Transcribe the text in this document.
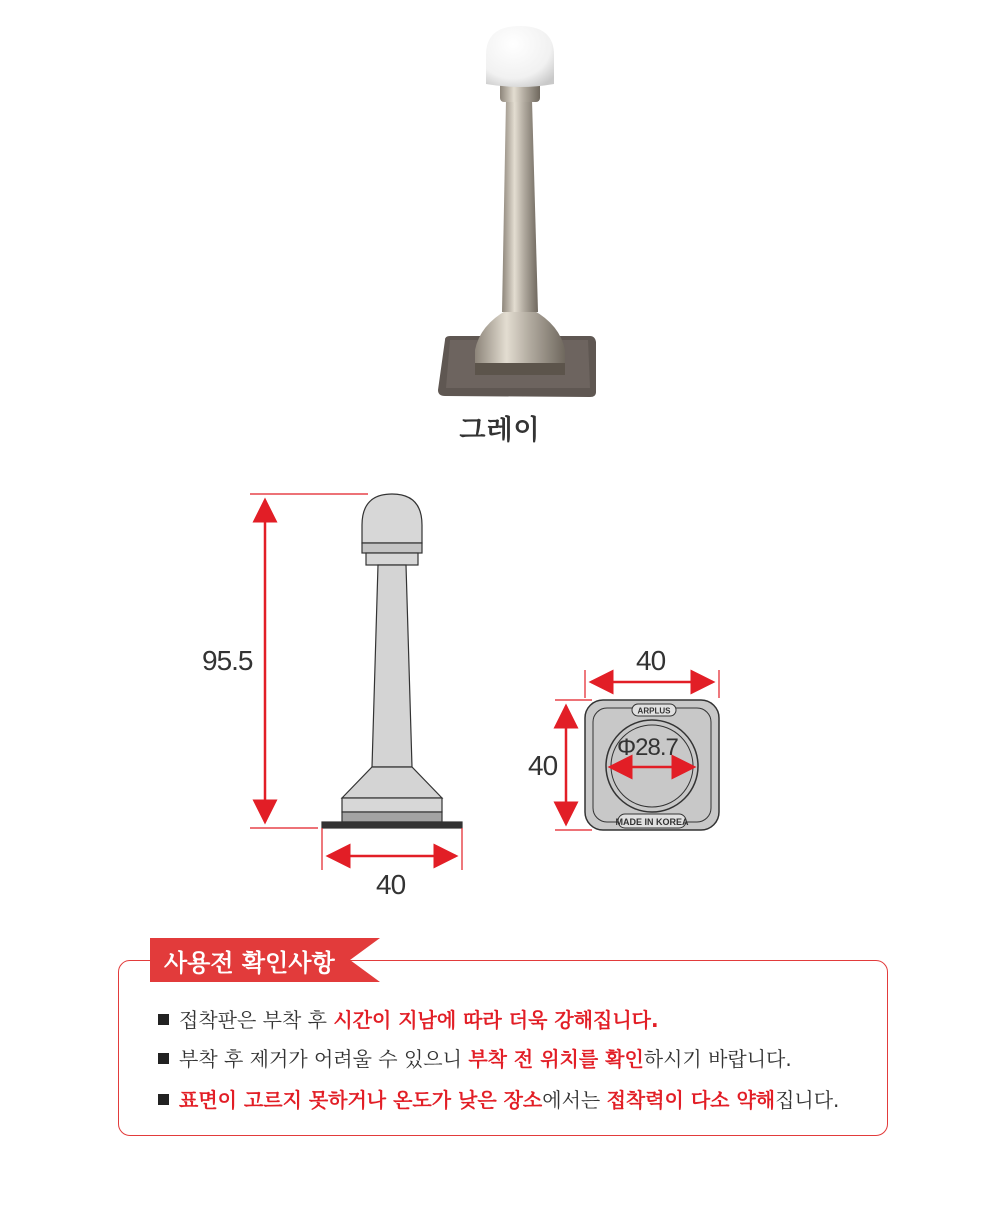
그레이
95.5
40
ARPLUS
MADE IN KOREA
Φ28.7
40
40
사용전 확인사항
접착판은 부착 후 시간이 지남에 따라 더욱 강해집니다.
부착 후 제거가 어려울 수 있으니 부착 전 위치를 확인하시기 바랍니다.
표면이 고르지 못하거나 온도가 낮은 장소에서는 접착력이 다소 약해집니다.
